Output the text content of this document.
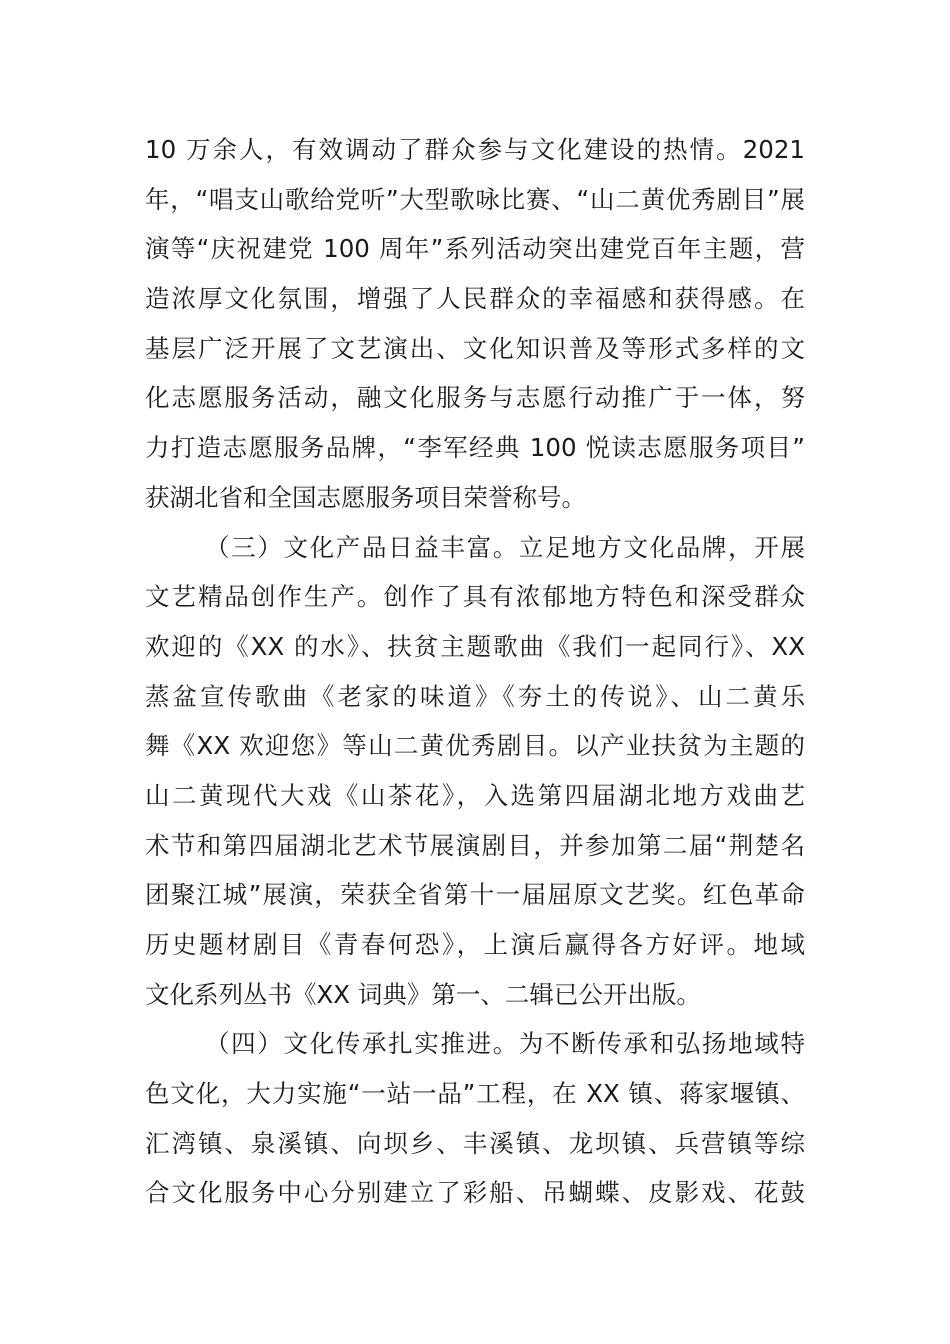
10 万余人，有效调动了群众参与文化建设的热情。2021
年，“唱支山歌给党听”大型歌咏比赛、“山二黄优秀剧目”展
演等“庆祝建党 100 周年”系列活动突出建党百年主题，营
造浓厚文化氛围，增强了人民群众的幸福感和获得感。在
基层广泛开展了文艺演出、文化知识普及等形式多样的文
化志愿服务活动，融文化服务与志愿行动推广于一体，努
力打造志愿服务品牌，“李军经典 100 悦读志愿服务项目”
获湖北省和全国志愿服务项目荣誉称号。
（三）文化产品日益丰富。立足地方文化品牌，开展
文艺精品创作生产。创作了具有浓郁地方特色和深受群众
欢迎的《XX 的水》、扶贫主题歌曲《我们一起同行》、XX
蒸盆宣传歌曲《老家的味道》《夯土的传说》、山二黄乐
舞《XX 欢迎您》等山二黄优秀剧目。以产业扶贫为主题的
山二黄现代大戏《山茶花》，入选第四届湖北地方戏曲艺
术节和第四届湖北艺术节展演剧目，并参加第二届“荆楚名
团聚江城”展演，荣获全省第十一届屈原文艺奖。红色革命
历史题材剧目《青春何恐》，上演后赢得各方好评。地域
文化系列丛书《XX 词典》第一、二辑已公开出版。
（四）文化传承扎实推进。为不断传承和弘扬地域特
色文化，大力实施“一站一品”工程，在 XX 镇、蒋家堰镇、
汇湾镇、泉溪镇、向坝乡、丰溪镇、龙坝镇、兵营镇等综
合文化服务中心分别建立了彩船、吊蝴蝶、皮影戏、花鼓
